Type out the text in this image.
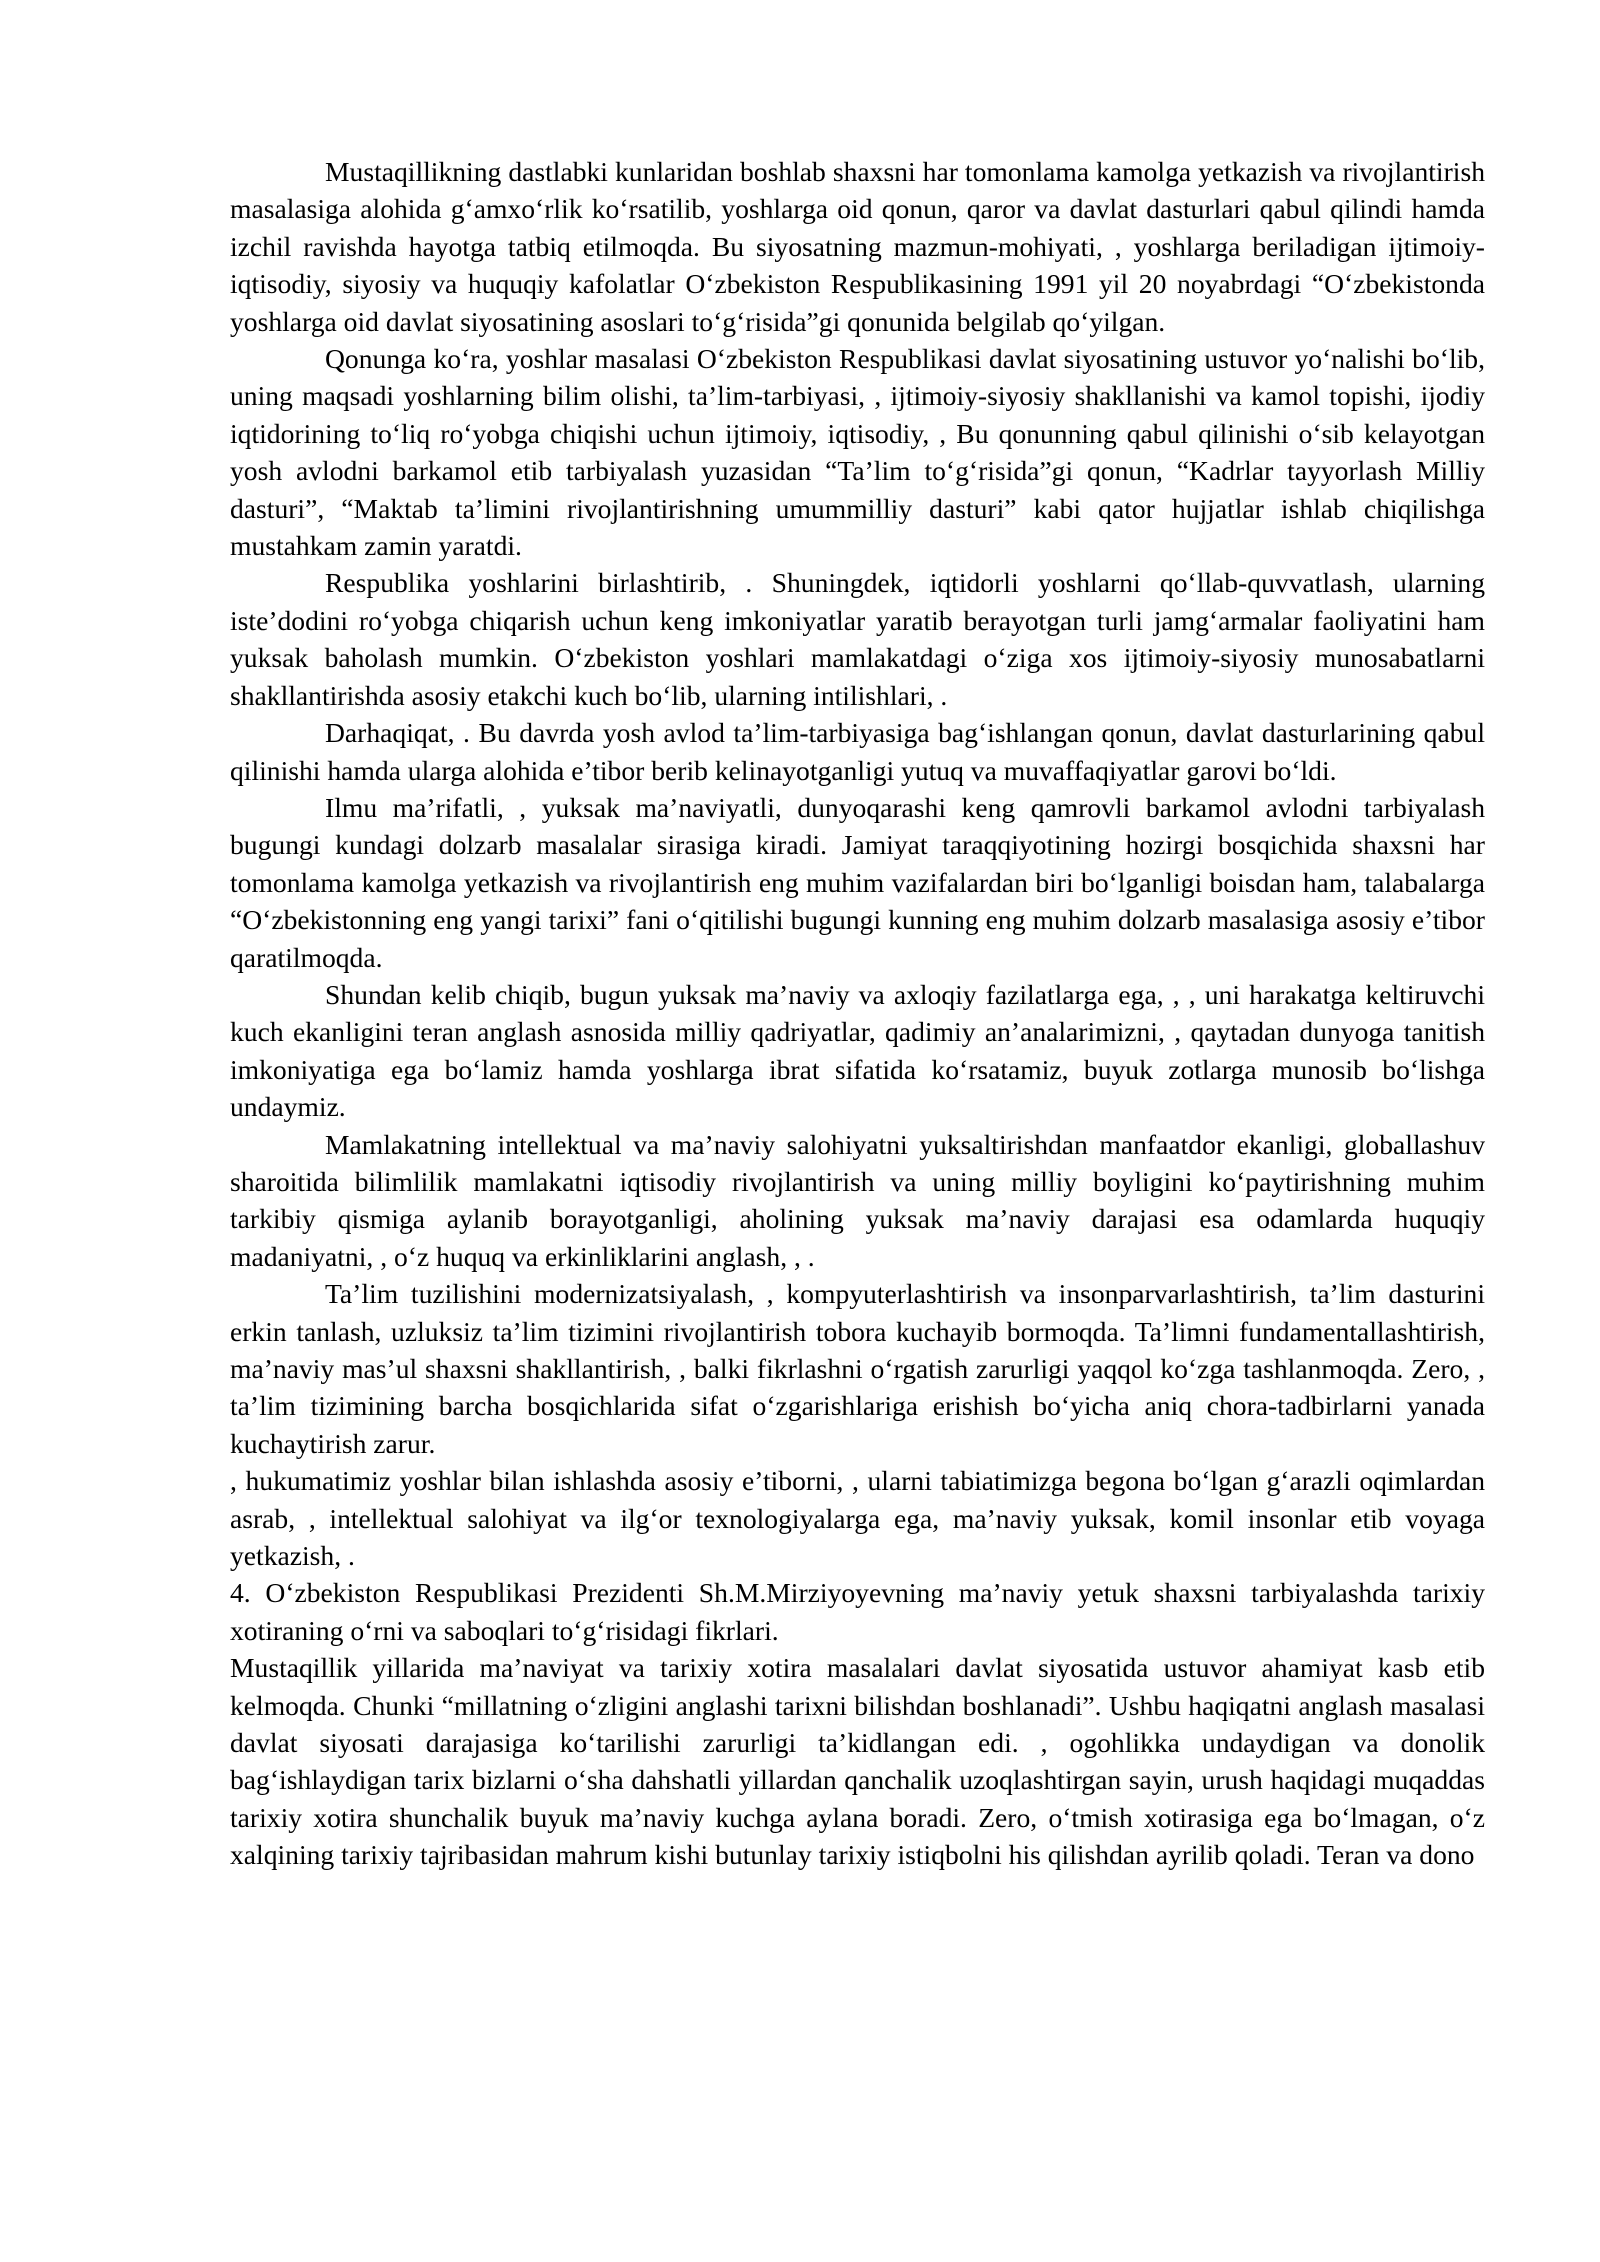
Mustaqillikning dastlabki kunlaridan boshlab shaxsni har tomonlama kamolga yetkazish va rivojlantirish masalasiga alohida g‘amxo‘rlik ko‘rsatilib, yoshlarga oid qonun, qaror va davlat dasturlari qabul qilindi hamda izchil ravishda hayotga tatbiq etilmoqda. Bu siyosatning mazmun-mohiyati, , yoshlarga beriladigan ijtimoiy-iqtisodiy, siyosiy va huquqiy kafolatlar O‘zbekiston Respublikasining 1991 yil 20 noyabrdagi “O‘zbekistonda yoshlarga oid davlat siyosatining asoslari to‘g‘risida”gi qonunida belgilab qo‘yilgan.

Qonunga ko‘ra, yoshlar masalasi O‘zbekiston Respublikasi davlat siyosatining ustuvor yo‘nalishi bo‘lib, uning maqsadi yoshlarning bilim olishi, ta’lim-tarbiyasi, , ijtimoiy-siyosiy shakllanishi va kamol topishi, ijodiy iqtidorining to‘liq ro‘yobga chiqishi uchun ijtimoiy, iqtisodiy, , Bu qonunning qabul qilinishi o‘sib kelayotgan yosh avlodni barkamol etib tarbiyalash yuzasidan “Ta’lim to‘g‘risida”gi qonun, “Kadrlar tayyorlash Milliy dasturi”, “Maktab ta’limini rivojlantirishning umummilliy dasturi” kabi qator hujjatlar ishlab chiqilishga mustahkam zamin yaratdi.

Respublika yoshlarini birlashtirib, . Shuningdek, iqtidorli yoshlarni qo‘llab-quvvatlash, ularning iste’dodini ro‘yobga chiqarish uchun keng imkoniyatlar yaratib berayotgan turli jamg‘armalar faoliyatini ham yuksak baholash mumkin. O‘zbekiston yoshlari mamlakatdagi o‘ziga xos ijtimoiy-siyosiy munosabatlarni shakllantirishda asosiy etakchi kuch bo‘lib, ularning intilishlari, .

Darhaqiqat, . Bu davrda yosh avlod ta’lim-tarbiyasiga bag‘ishlangan qonun, davlat dasturlarining qabul qilinishi hamda ularga alohida e’tibor berib kelinayotganligi yutuq va muvaffaqiyatlar garovi bo‘ldi.

Ilmu ma’rifatli, , yuksak ma’naviyatli, dunyoqarashi keng qamrovli barkamol avlodni tarbiyalash bugungi kundagi dolzarb masalalar sirasiga kiradi. Jamiyat taraqqiyotining hozirgi bosqichida shaxsni har tomonlama kamolga yetkazish va rivojlantirish eng muhim vazifalardan biri bo‘lganligi boisdan ham, talabalarga “O‘zbekistonning eng yangi tarixi” fani o‘qitilishi bugungi kunning eng muhim dolzarb masalasiga asosiy e’tibor qaratilmoqda.

Shundan kelib chiqib, bugun yuksak ma’naviy va axloqiy fazilatlarga ega, , , uni harakatga keltiruvchi kuch ekanligini teran anglash asnosida milliy qadriyatlar, qadimiy an’analarimizni, , qaytadan dunyoga tanitish imkoniyatiga ega bo‘lamiz hamda yoshlarga ibrat sifatida ko‘rsatamiz, buyuk zotlarga munosib bo‘lishga undaymiz.

Mamlakatning intellektual va ma’naviy salohiyatni yuksaltirishdan manfaatdor ekanligi, globallashuv sharoitida bilimlilik mamlakatni iqtisodiy rivojlantirish va uning milliy boyligini ko‘paytirishning muhim tarkibiy qismiga aylanib borayotganligi, aholining yuksak ma’naviy darajasi esa odamlarda huquqiy madaniyatni, , o‘z huquq va erkinliklarini anglash, , .

Ta’lim tuzilishini modernizatsiyalash, , kompyuterlashtirish va insonparvarlashtirish, ta’lim dasturini erkin tanlash, uzluksiz ta’lim tizimini rivojlantirish tobora kuchayib bormoqda. Ta’limni fundamentallashtirish, ma’naviy mas’ul shaxsni shakllantirish, , balki fikrlashni o‘rgatish zarurligi yaqqol ko‘zga tashlanmoqda. Zero, , ta’lim tizimining barcha bosqichlarida sifat o‘zgarishlariga erishish bo‘yicha aniq chora-tadbirlarni yanada kuchaytirish zarur.

, hukumatimiz yoshlar bilan ishlashda asosiy e’tiborni, , ularni tabiatimizga begona bo‘lgan g‘arazli oqimlardan asrab, , intellektual salohiyat va ilg‘or texnologiyalarga ega, ma’naviy yuksak, komil insonlar etib voyaga yetkazish, .

4. O‘zbekiston Respublikasi Prezidenti Sh.M.Mirziyoyevning ma’naviy yetuk shaxsni tarbiyalashda tarixiy xotiraning o‘rni va saboqlari to‘g‘risidagi fikrlari.

Mustaqillik yillarida ma’naviyat va tarixiy xotira masalalari davlat siyosatida ustuvor ahamiyat kasb etib kelmoqda. Chunki “millatning o‘zligini anglashi tarixni bilishdan boshlanadi”. Ushbu haqiqatni anglash masalasi davlat siyosati darajasiga ko‘tarilishi zarurligi ta’kidlangan edi. , ogohlikka undaydigan va donolik bag‘ishlaydigan tarix bizlarni o‘sha dahshatli yillardan qanchalik uzoqlashtirgan sayin, urush haqidagi muqaddas tarixiy xotira shunchalik buyuk ma’naviy kuchga aylana boradi. Zero, o‘tmish xotirasiga ega bo‘lmagan, o‘z xalqining tarixiy tajribasidan mahrum kishi butunlay tarixiy istiqbolni his qilishdan ayrilib qoladi. Teran va dono
